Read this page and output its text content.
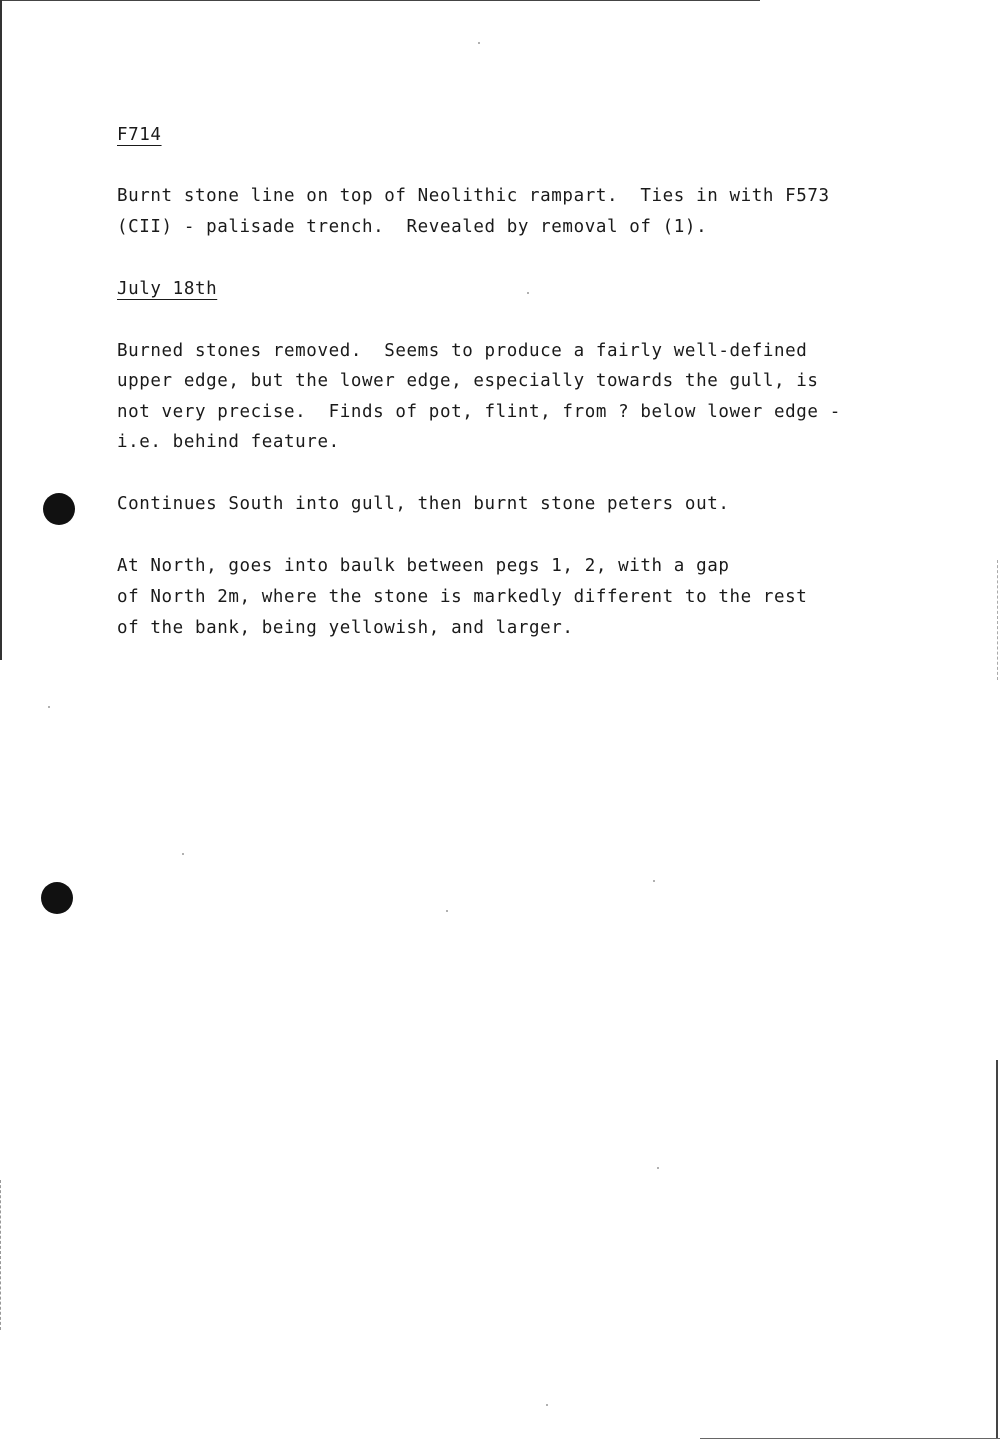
F714

Burnt stone line on top of Neolithic rampart.  Ties in with F573

(CII) - palisade trench.  Revealed by removal of (1).

July 18th

Burned stones removed.  Seems to produce a fairly well-defined

upper edge, but the lower edge, especially towards the gull, is

not very precise.  Finds of pot, flint, from ? below lower edge -

i.e. behind feature.

Continues South into gull, then burnt stone peters out.

At North, goes into baulk between pegs 1, 2, with a gap

of North 2m, where the stone is markedly different to the rest

of the bank, being yellowish, and larger.
